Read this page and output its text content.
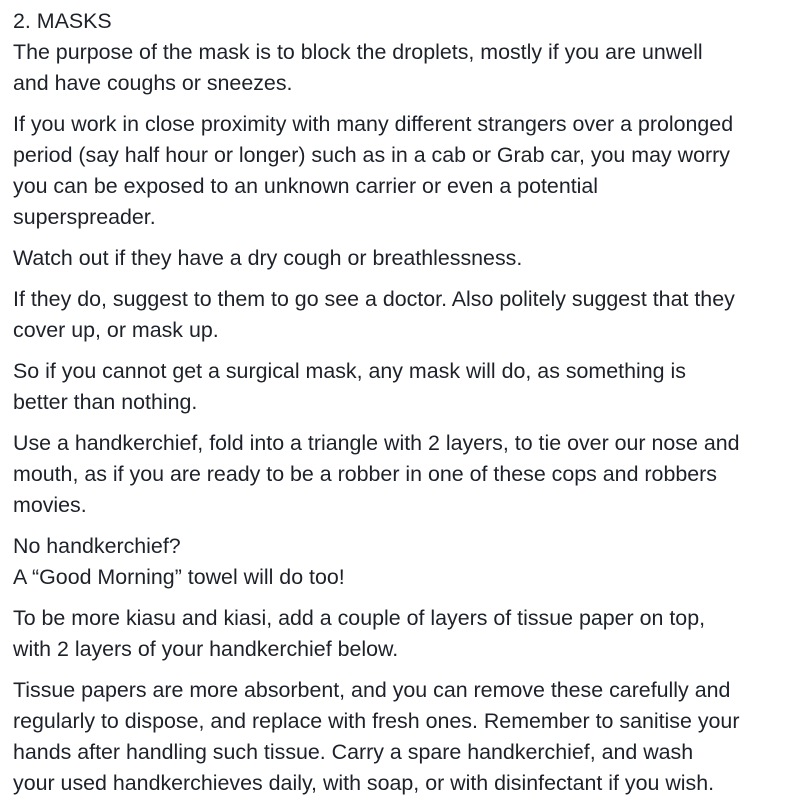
2. MASKS

The purpose of the mask is to block the droplets, mostly if you are unwell
and have coughs or sneezes.

If you work in close proximity with many different strangers over a prolonged
period (say half hour or longer) such as in a cab or Grab car, you may worry
you can be exposed to an unknown carrier or even a potential
superspreader.

Watch out if they have a dry cough or breathlessness.

If they do, suggest to them to go see a doctor. Also politely suggest that they
cover up, or mask up.

So if you cannot get a surgical mask, any mask will do, as something is
better than nothing.

Use a handkerchief, fold into a triangle with 2 layers, to tie over our nose and
mouth, as if you are ready to be a robber in one of these cops and robbers
movies.

No handkerchief?
A “Good Morning” towel will do too!

To be more kiasu and kiasi, add a couple of layers of tissue paper on top,
with 2 layers of your handkerchief below.

Tissue papers are more absorbent, and you can remove these carefully and
regularly to dispose, and replace with fresh ones. Remember to sanitise your
hands after handling such tissue. Carry a spare handkerchief, and wash
your used handkerchieves daily, with soap, or with disinfectant if you wish.
